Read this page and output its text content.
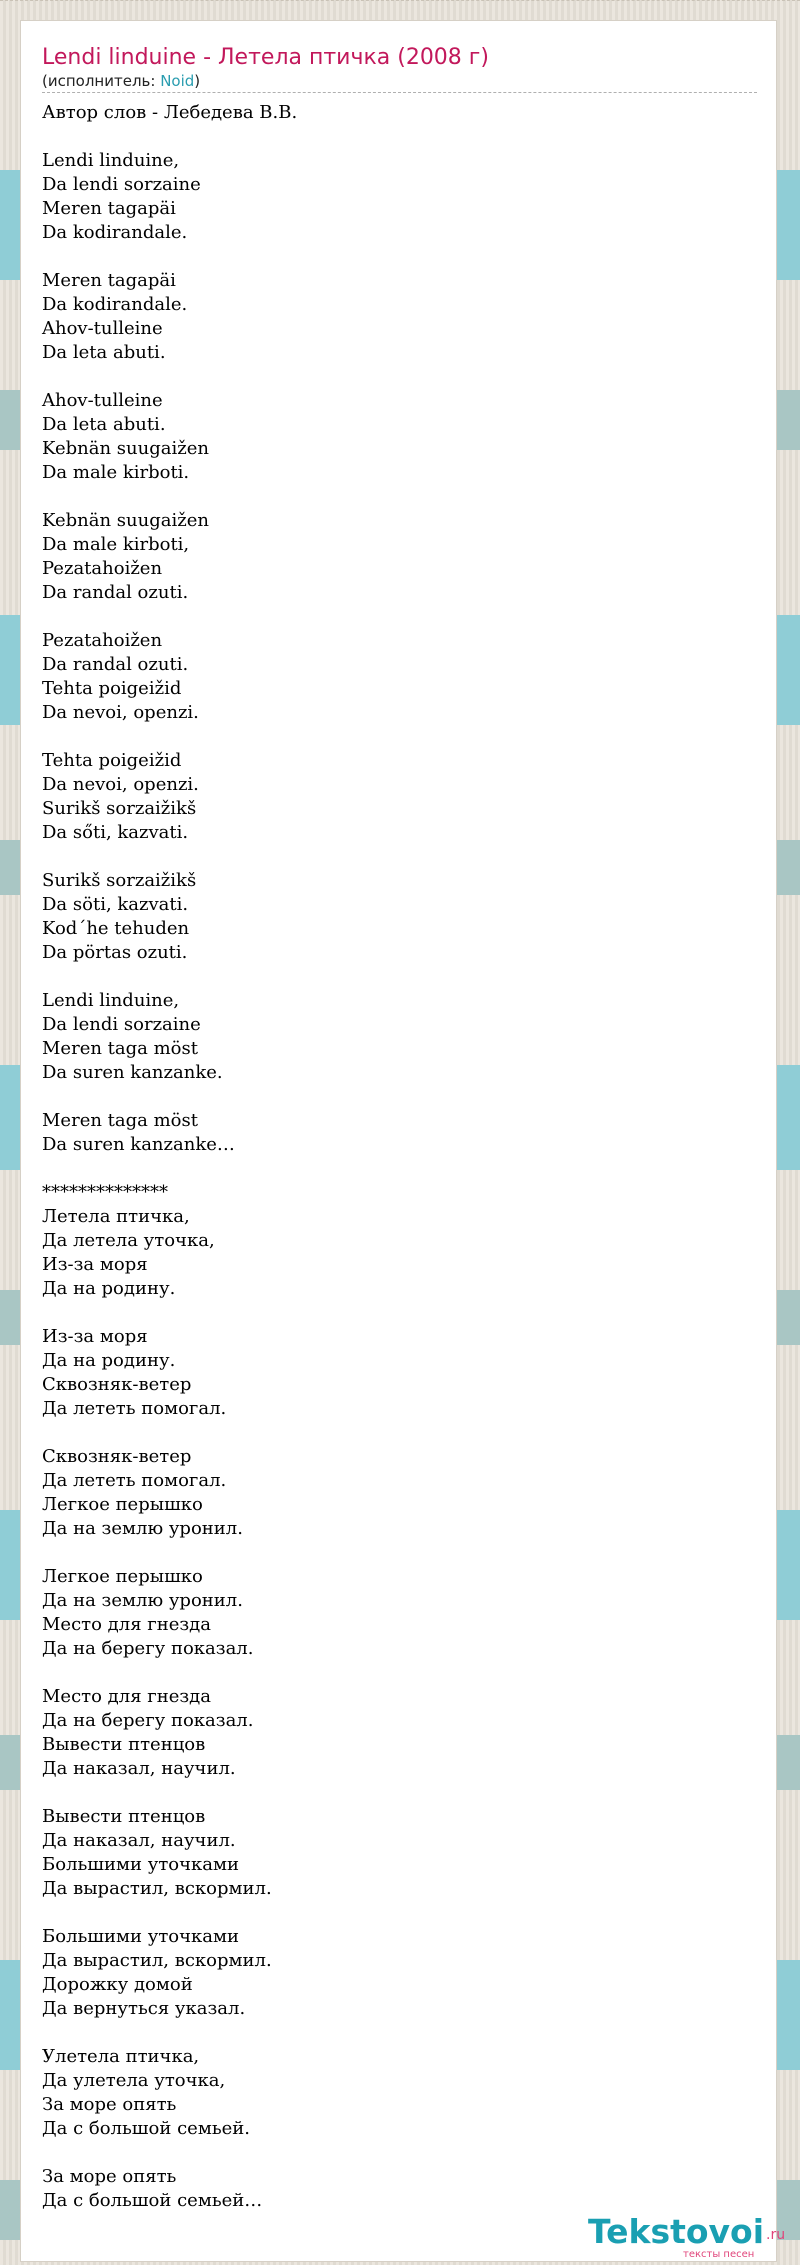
Lendi linduine - Летела птичка (2008 г)
(исполнитель: Noid)
Автор слов - Лебедева В.В.
Lendi linduine,
Da lendi sorzaine
Meren tagapäi
Da kodirandale.
Meren tagapäi
Da kodirandale.
Ahov-tulleine
Da leta abuti.
Ahov-tulleine
Da leta abuti.
Kebnän suugaižen
Da male kirboti.
Kebnän suugaižen
Da male kirboti,
Pezatahoižen
Da randal ozuti.
Pezatahoižen
Da randal ozuti.
Tehta poigeižid
Da nevoi, openzi.
Tehta poigeižid
Da nevoi, openzi.
Surikš sorzaižikš
Da sőti, kazvati.
Surikš sorzaižikš
Da söti, kazvati.
Kod´he tehuden
Da pörtas ozuti.
Lendi linduine,
Da lendi sorzaine
Meren taga möst
Da suren kanzanke.
Meren taga möst
Da suren kanzanke…
**************
Летела птичка,
Да летела уточка,
Из-за моря
Да на родину.
Из-за моря
Да на родину.
Сквозняк-ветер
Да лететь помогал.
Сквозняк-ветер
Да лететь помогал.
Легкое перышко
Да на землю уронил.
Легкое перышко
Да на землю уронил.
Место для гнезда
Да на берегу показал.
Место для гнезда
Да на берегу показал.
Вывести птенцов
Да наказал, научил.
Вывести птенцов
Да наказал, научил.
Большими уточками
Да вырастил, вскормил.
Большими уточками
Да вырастил, вскормил.
Дорожку домой
Да вернуться указал.
Улетела птичка,
Да улетела уточка,
За море опять
Да с большой семьей.
За море опять
Да с большой семьей…
Tekstovoi .ru
тексты песен
